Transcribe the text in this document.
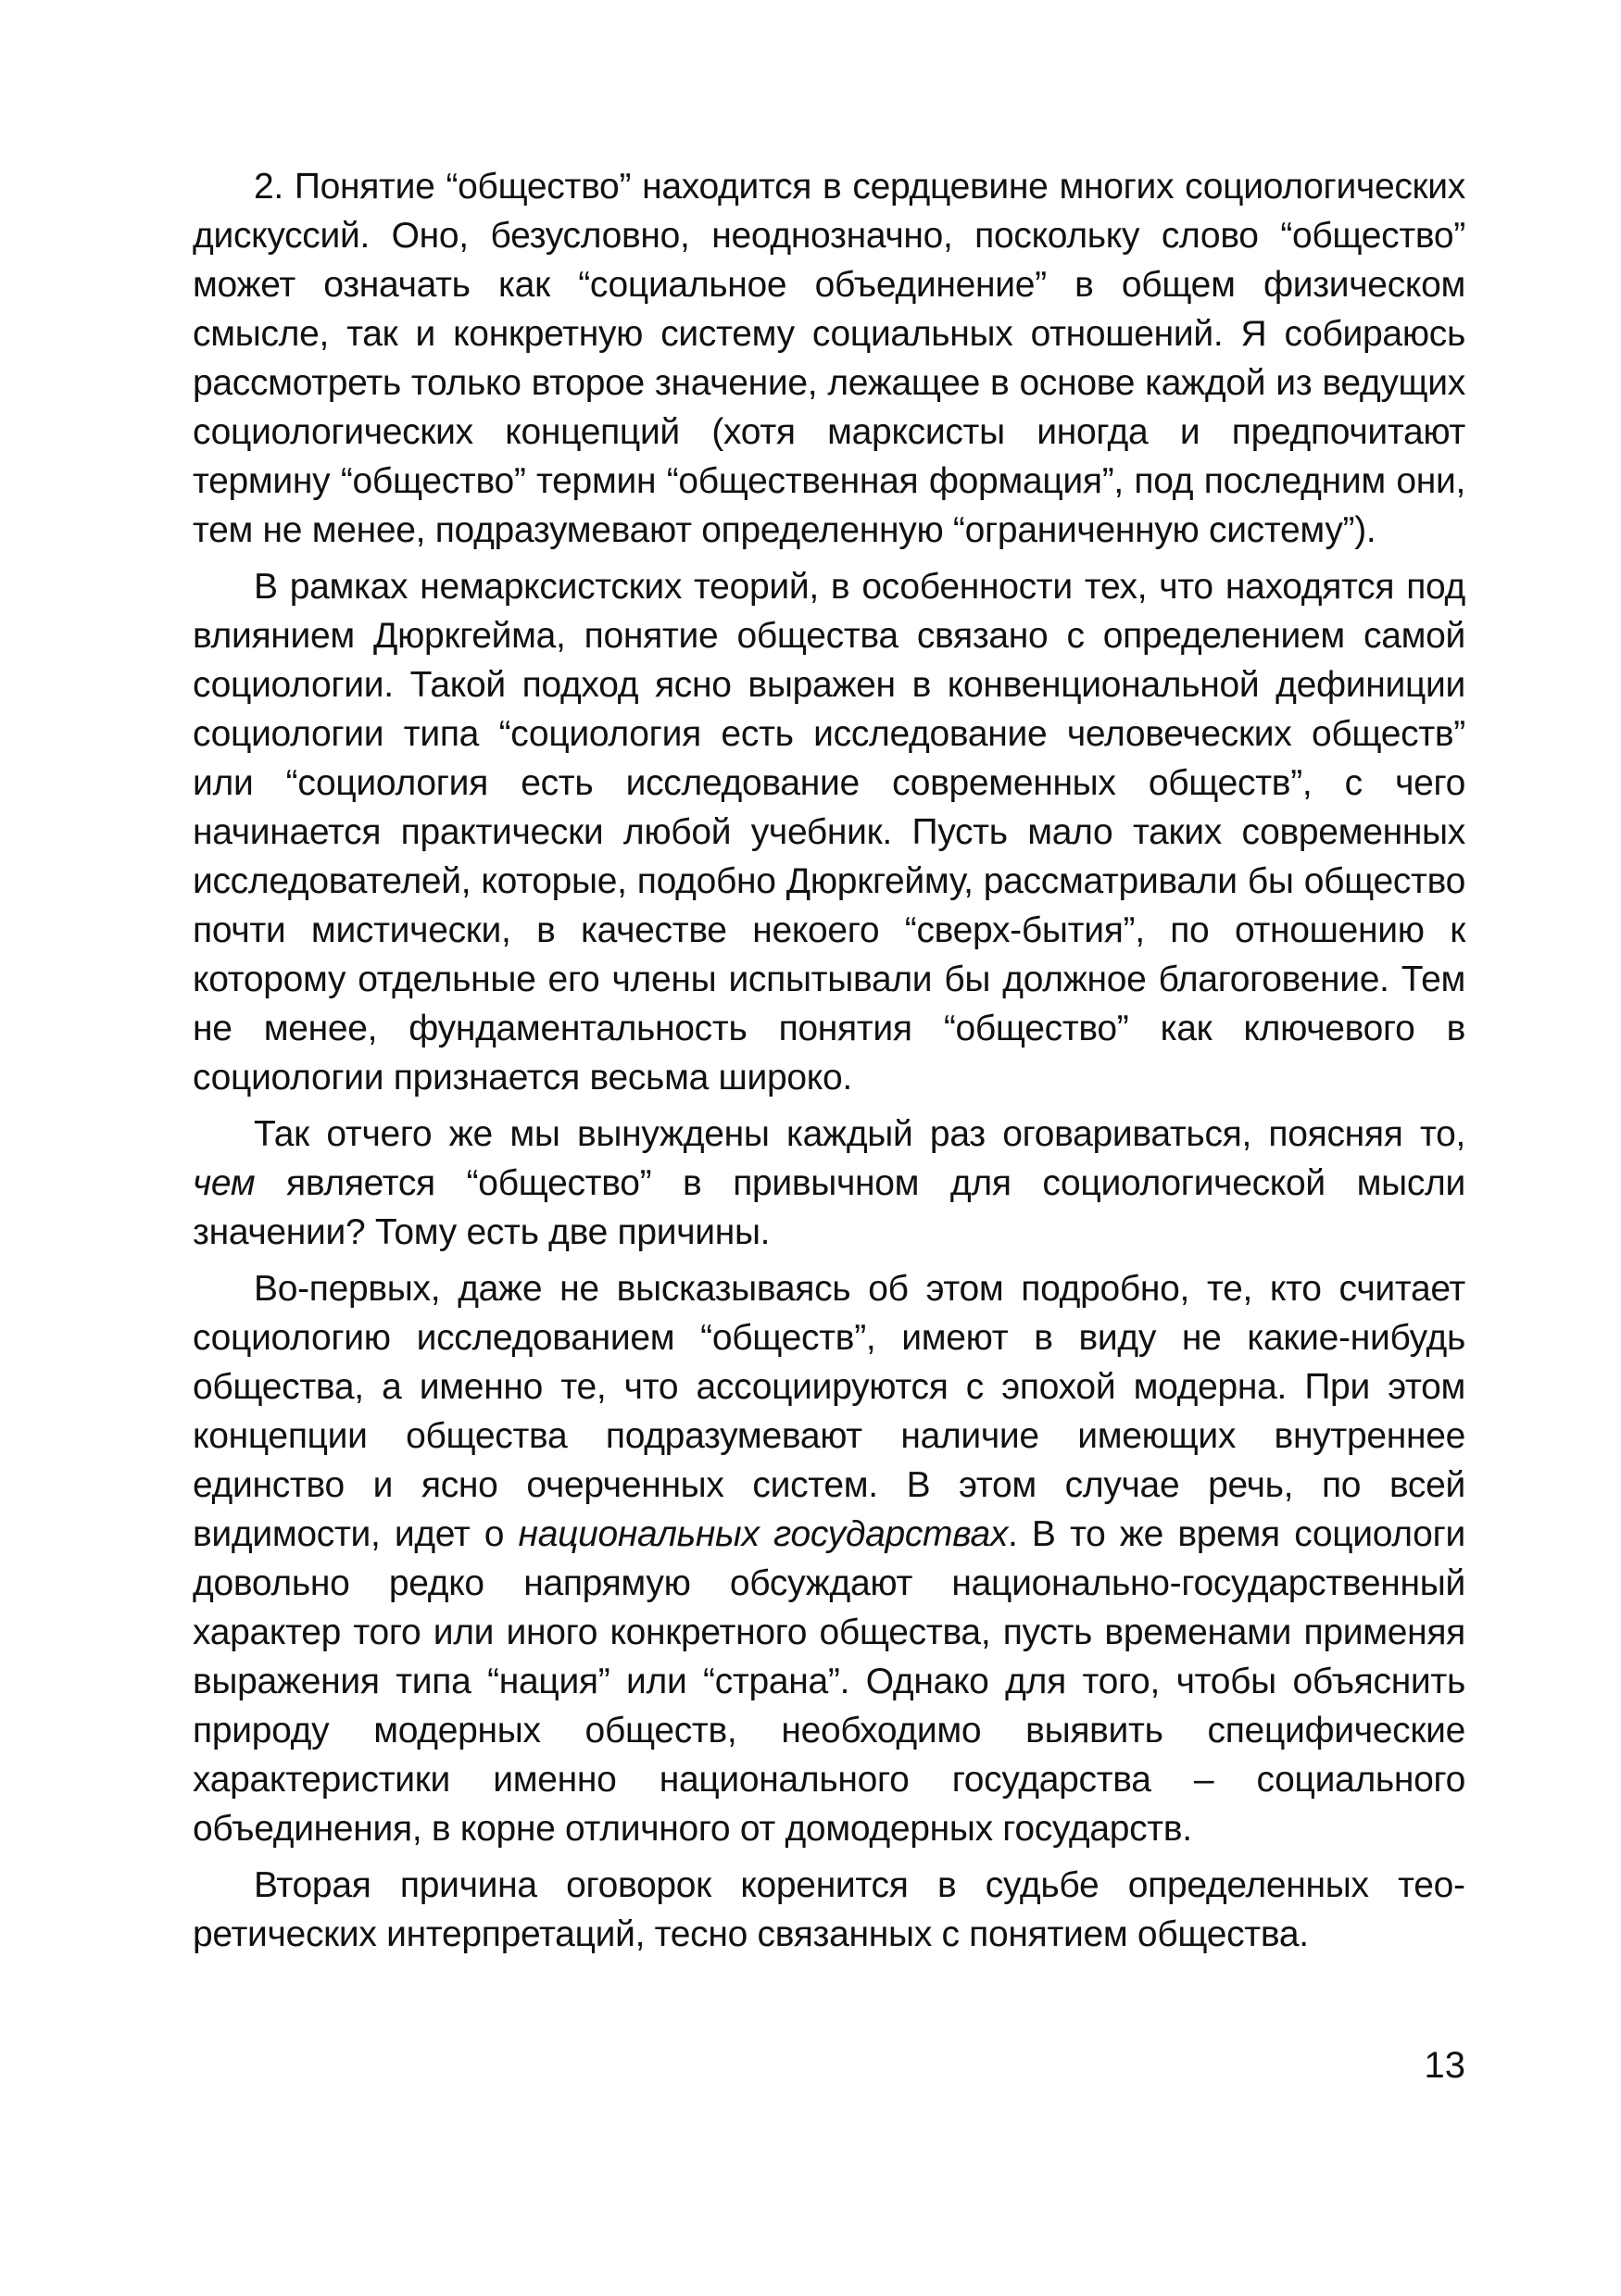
2. Понятие “общество” находится в сердцевине многих социологических дискуссий. Оно, безусловно, неоднозначно, поскольку слово “общество” может означать как “социальное объединение” в общем физическом смысле, так и конкретную систему социальных отношений. Я собираюсь рассмотреть только второе значение, лежащее в основе каждой из ведущих социологических концепций (хотя марксисты иногда и предпочитают термину “общество” термин “общественная формация”, под последним они, тем не менее, подразумевают определенную “ограниченную систему”).

В рамках немарксистских теорий, в особенности тех, что находятся под влиянием Дюркгейма, понятие общества связано с определением самой социологии. Такой подход ясно выражен в конвенциональной дефиниции социологии типа “социология есть исследование человеческих обществ” или “социология есть исследование современных обществ”, с чего начинается практически любой учебник. Пусть мало таких современных исследователей, которые, подобно Дюркгейму, рассматривали бы общество почти мистически, в качестве некоего “сверх-бытия”, по отношению к которому отдельные его члены испытывали бы должное благоговение. Тем не менее, фундаментальность понятия “общество” как ключевого в социологии признается весьма широко.

Так отчего же мы вынуждены каждый раз оговариваться, поясняя то, чем является “общество” в привычном для социологической мысли значении? Тому есть две причины.

Во-первых, даже не высказываясь об этом подробно, те, кто считает социологию исследованием “обществ”, имеют в виду не какие-нибудь общества, а именно те, что ассоциируются с эпохой модерна. При этом концепции общества подразумевают наличие имеющих внутреннее единство и ясно очерченных систем. В этом случае речь, по всей видимости, идет о национальных государствах. В то же время социологи довольно редко напрямую обсуждают национально-государственный характер того или иного конкретного общества, пусть временами применяя выражения типа “нация” или “страна”. Однако для того, чтобы объяснить природу модерных обществ, необходимо выявить специфические характеристики именно национального государства – социального объединения, в корне отличного от домодерных государств.

Вторая причина оговорок коренится в судьбе определенных теоретических интерпретаций, тесно связанных с понятием общества.

13
